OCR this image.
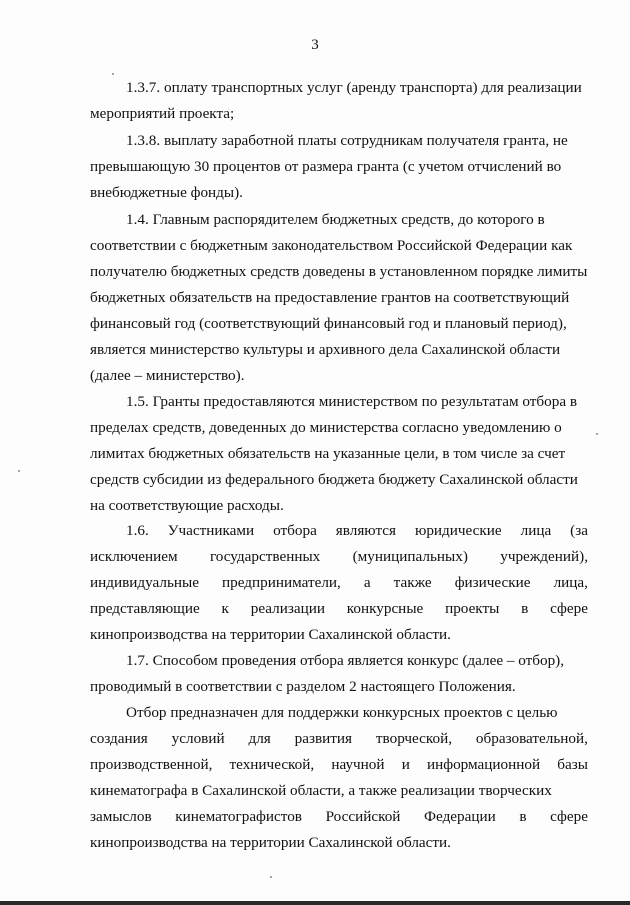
3

1.3.7. оплату транспортных услуг (аренду транспорта) для реализации
мероприятий проекта;

1.3.8. выплату заработной платы сотрудникам получателя гранта, не
превышающую 30 процентов от размера гранта (с учетом отчислений во
внебюджетные фонды).

1.4. Главным распорядителем бюджетных средств, до которого в
соответствии с бюджетным законодательством Российской Федерации как
получателю бюджетных средств доведены в установленном порядке лимиты
бюджетных обязательств на предоставление грантов на соответствующий
финансовый год (соответствующий финансовый год и плановый период),
является министерство культуры и архивного дела Сахалинской области
(далее – министерство).

1.5. Гранты предоставляются министерством по результатам отбора в
пределах средств, доведенных до министерства согласно уведомлению о
лимитах бюджетных обязательств на указанные цели, в том числе за счет
средств субсидии из федерального бюджета бюджету Сахалинской области
на соответствующие расходы.

1.6. Участниками отбора являются юридические лица (за
исключением государственных (муниципальных) учреждений),
индивидуальные предприниматели, а также физические лица,
представляющие к реализации конкурсные проекты в сфере
кинопроизводства на территории Сахалинской области.

1.7. Способом проведения отбора является конкурс (далее – отбор),
проводимый в соответствии с разделом 2 настоящего Положения.

Отбор предназначен для поддержки конкурсных проектов с целью
создания условий для развития творческой, образовательной,
производственной, технической, научной и информационной базы
кинематографа в Сахалинской области, а также реализации творческих
замыслов кинематографистов Российской Федерации в сфере
кинопроизводства на территории Сахалинской области.
